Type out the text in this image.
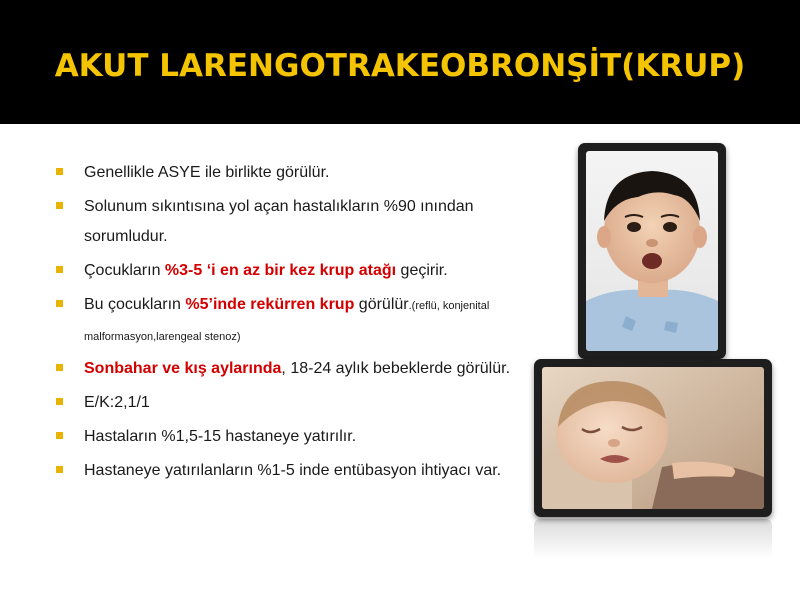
AKUT LARENGOTRAKEOBRONŞİT(KRUP)
Genellikle ASYE ile birlikte görülür.
Solunum sıkıntısına yol açan hastalıkların %90 ınından
sorumludur.
Çocukların %3-5 ‘i en az bir kez krup atağı geçirir.
Bu çocukların %5’inde rekürren krup görülür.(reflü, konjenital
malformasyon,larengeal stenoz)
Sonbahar ve kış aylarında, 18-24 aylık bebeklerde görülür.
E/K:2,1/1
Hastaların %1,5-15 hastaneye yatırılır.
Hastaneye yatırılanların %1-5 inde entübasyon ihtiyacı var.
